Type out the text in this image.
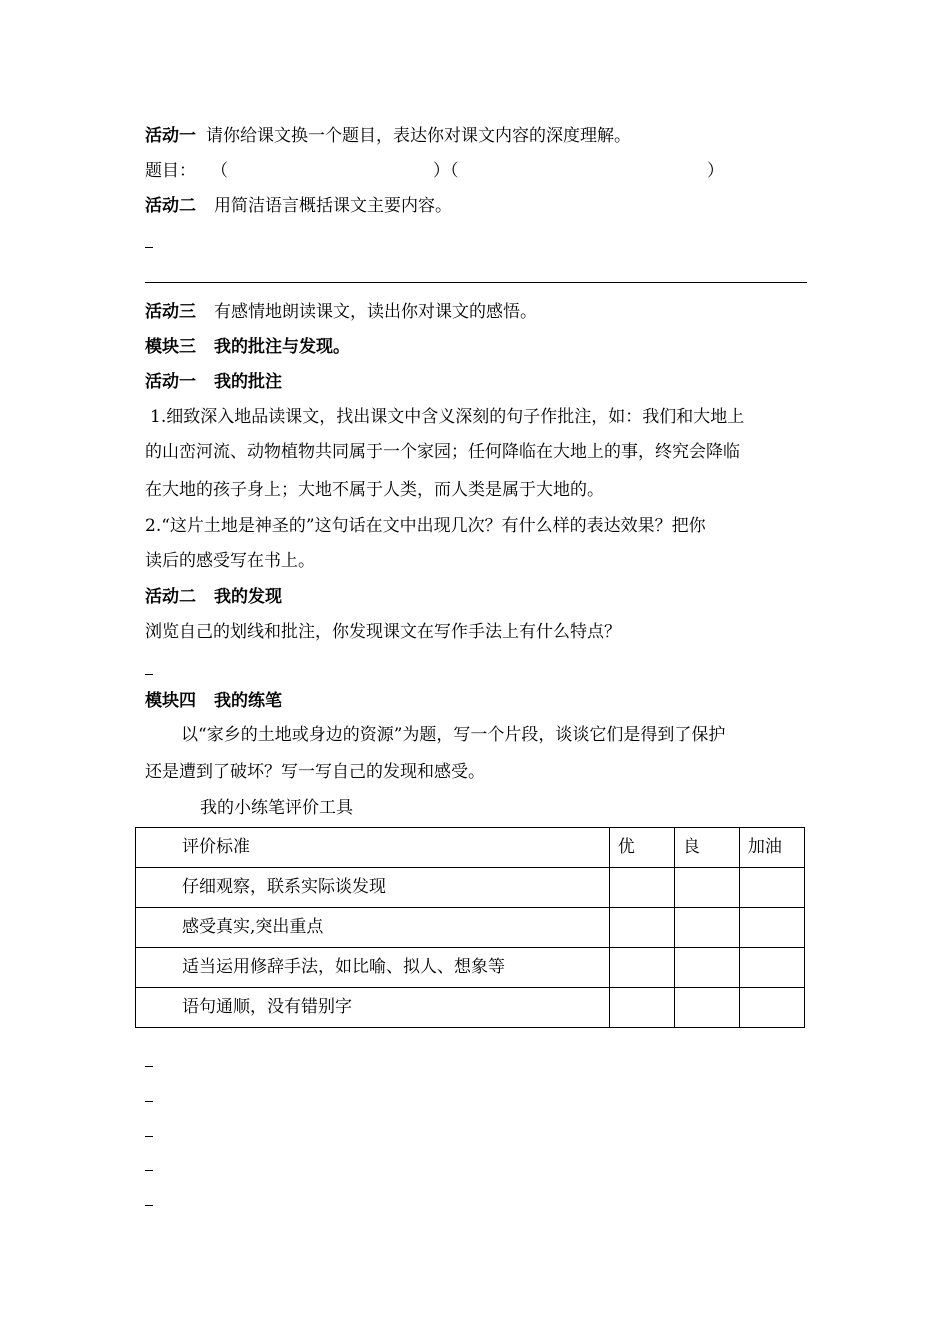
活动一 请你给课文换一个题目，表达你对课文内容的深度理解。
题目： （	）（	）
活动二 用简洁语言概括课文主要内容。
活动三 有感情地朗读课文，读出你对课文的感悟。
模块三 我的批注与发现。
活动一 我的批注
1.细致深入地品读课文，找出课文中含义深刻的句子作批注，如：我们和大地上
的山峦河流、动物植物共同属于一个家园；任何降临在大地上的事，终究会降临
在大地的孩子身上；大地不属于人类，而人类是属于大地的。
2.“这片土地是神圣的”这句话在文中出现几次？有什么样的表达效果？把你
读后的感受写在书上。
活动二 我的发现
浏览自己的划线和批注，你发现课文在写作手法上有什么特点？
模块四 我的练笔
以“家乡的土地或身边的资源”为题，写一个片段，谈谈它们是得到了保护
还是遭到了破坏？写一写自己的发现和感受。
我的小练笔评价工具
评价标准	优	良	加油
仔细观察，联系实际谈发现			
感受真实,突出重点			
适当运用修辞手法，如比喻、拟人、想象等			
语句通顺，没有错别字			
